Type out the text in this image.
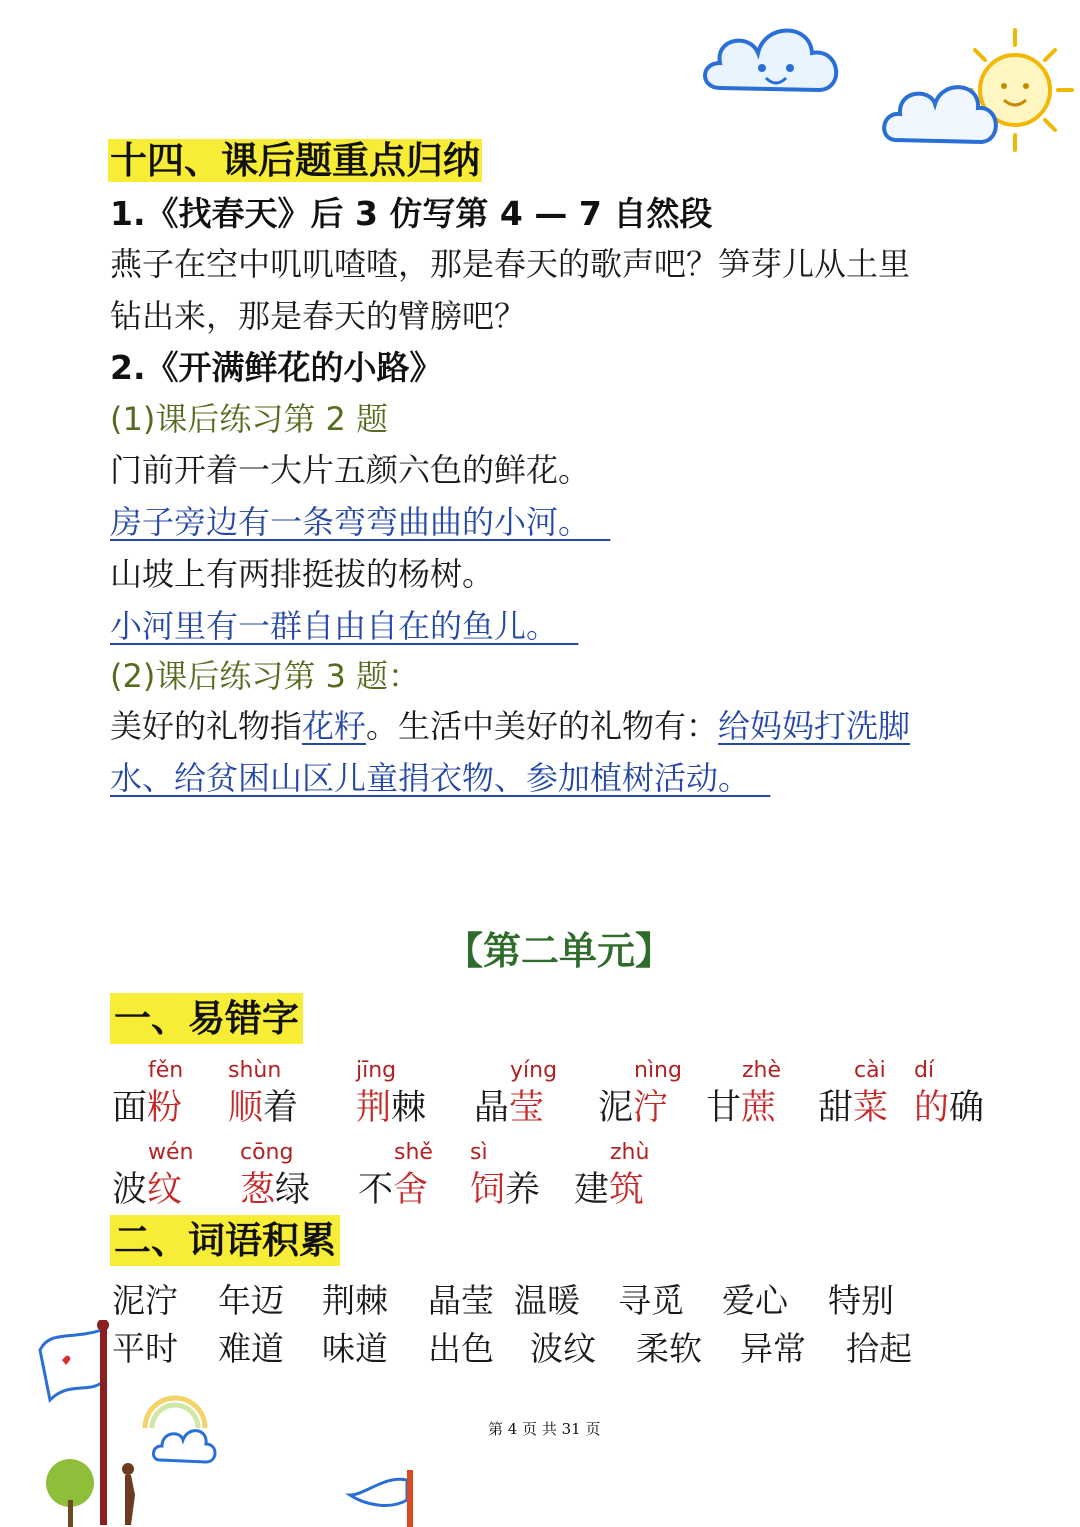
十四、课后题重点归纳
1.《找春天》后 3 仿写第 4 — 7 自然段
燕子在空中叽叽喳喳，那是春天的歌声吧？笋芽儿从土里
钻出来，那是春天的臂膀吧？
2.《开满鲜花的小路》
(1)课后练习第 2 题
门前开着一大片五颜六色的鲜花。
房子旁边有一条弯弯曲曲的小河。
山坡上有两排挺拔的杨树。
小河里有一群自由自在的鱼儿。
(2)课后练习第 3 题：
美好的礼物指花籽。生活中美好的礼物有：给妈妈打洗脚
水、给贫困山区儿童捐衣物、参加植树活动。
【第二单元】
一、易错字
fěn
面粉
shùn
顺着
jīng
荆棘
yíng
晶莹
nìng
泥泞
zhè
甘蔗
cài
甜菜
dí
的确
wén
波纹
cōng
葱绿
shě
不舍
sì
饲养
zhù
建筑
二、词语积累
泥泞 年迈 荆棘 晶莹 温暖 寻觅 爱心 特别
平时 难道 味道 出色 波纹 柔软 异常 拾起
第 4 页 共 31 页
